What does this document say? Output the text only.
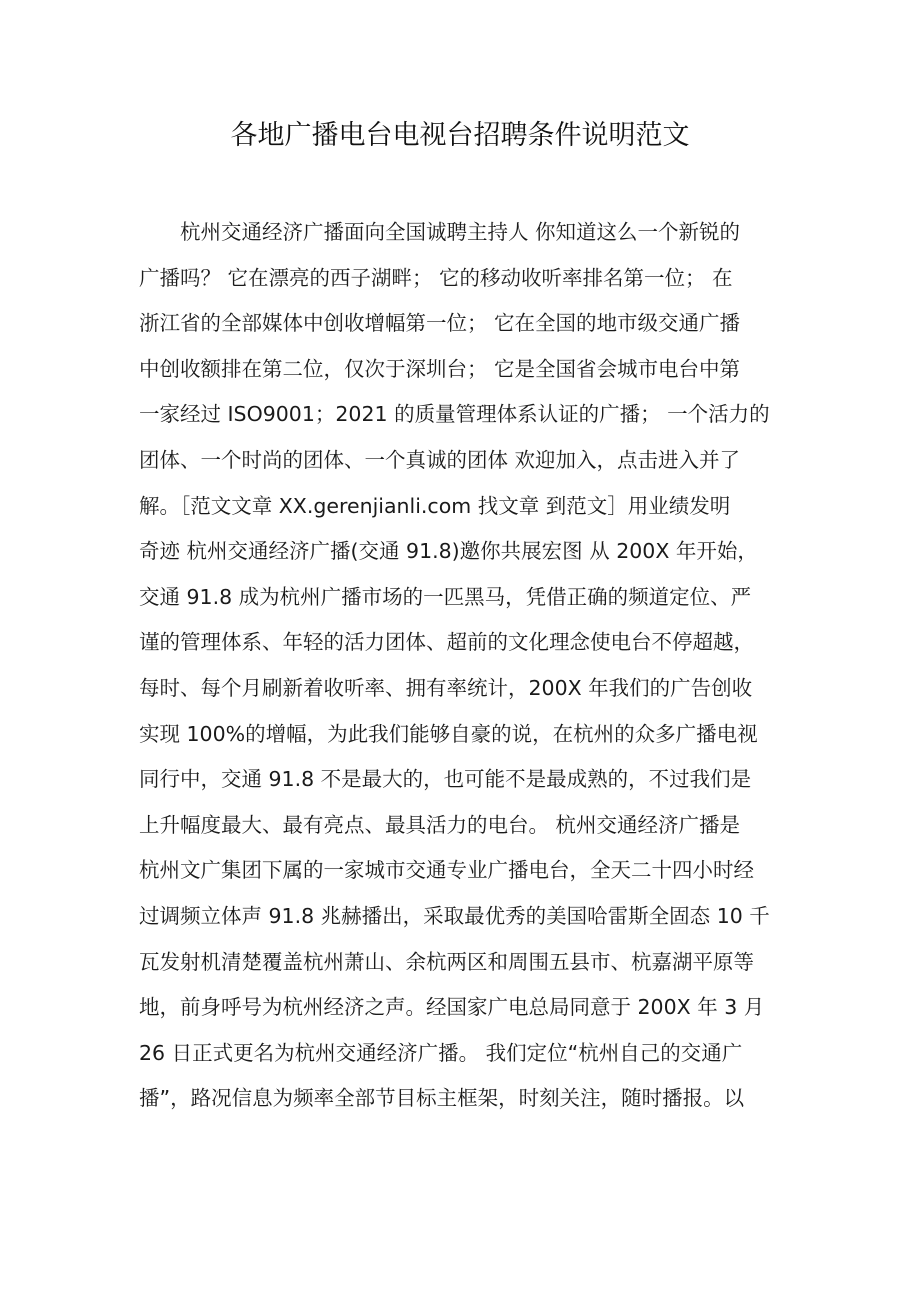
各地广播电台电视台招聘条件说明范文
杭州交通经济广播面向全国诚聘主持人 你知道这么一个新锐的
广播吗？ 它在漂亮的西子湖畔； 它的移动收听率排名第一位； 在
浙江省的全部媒体中创收增幅第一位； 它在全国的地市级交通广播
中创收额排在第二位，仅次于深圳台； 它是全国省会城市电台中第
一家经过 ISO9001；2021 的质量管理体系认证的广播； 一个活力的
团体、一个时尚的团体、一个真诚的团体 欢迎加入，点击进入并了
解。［范文文章 XX.gerenjianli.com 找文章 到范文］用业绩发明
奇迹 杭州交通经济广播(交通 91.8)邀你共展宏图 从 200X 年开始，
交通 91.8 成为杭州广播市场的一匹黑马，凭借正确的频道定位、严
谨的管理体系、年轻的活力团体、超前的文化理念使电台不停超越，
每时、每个月刷新着收听率、拥有率统计，200X 年我们的广告创收
实现 100%的增幅，为此我们能够自豪的说，在杭州的众多广播电视
同行中，交通 91.8 不是最大的，也可能不是最成熟的，不过我们是
上升幅度最大、最有亮点、最具活力的电台。 杭州交通经济广播是
杭州文广集团下属的一家城市交通专业广播电台，全天二十四小时经
过调频立体声 91.8 兆赫播出，采取最优秀的美国哈雷斯全固态 10 千
瓦发射机清楚覆盖杭州萧山、余杭两区和周围五县市、杭嘉湖平原等
地，前身呼号为杭州经济之声。经国家广电总局同意于 200X 年 3 月
26 日正式更名为杭州交通经济广播。 我们定位“杭州自己的交通广
播”，路况信息为频率全部节目标主框架，时刻关注，随时播报。以
